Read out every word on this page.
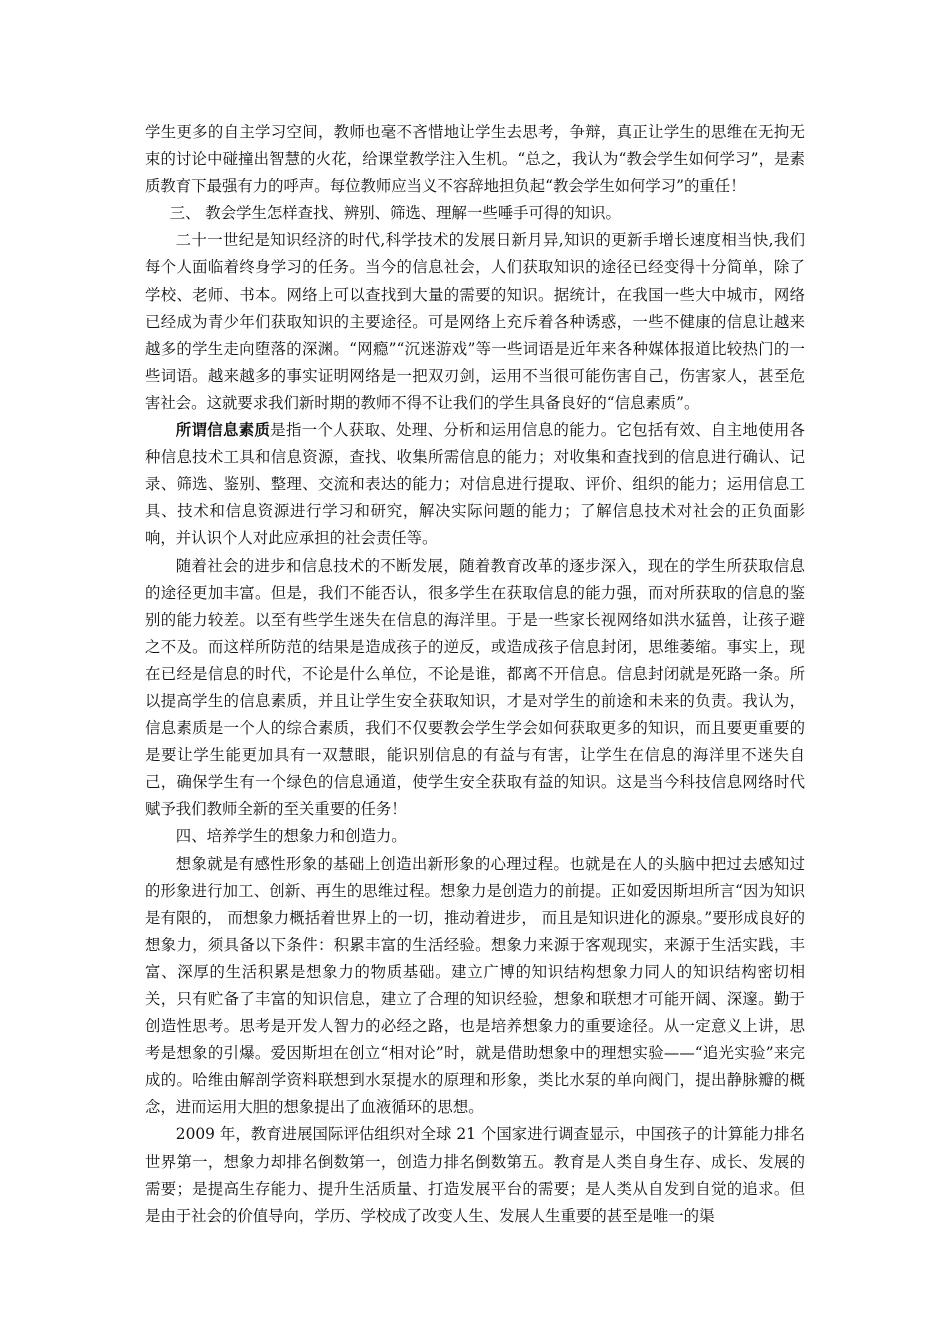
学生更多的自主学习空间，教师也毫不吝惜地让学生去思考，争辩，真正让学生的思维在无拘无束的讨论中碰撞出智慧的火花，给课堂教学注入生机。“总之，我认为“教会学生如何学习”，是素质教育下最强有力的呼声。每位教师应当义不容辞地担负起“教会学生如何学习”的重任！

三、 教会学生怎样查找、辨别、筛选、理解一些唾手可得的知识。

二十一世纪是知识经济的时代,科学技术的发展日新月异,知识的更新手增长速度相当快,我们每个人面临着终身学习的任务。当今的信息社会，人们获取知识的途径已经变得十分简单，除了学校、老师、书本。网络上可以查找到大量的需要的知识。据统计，在我国一些大中城市，网络已经成为青少年们获取知识的主要途径。可是网络上充斥着各种诱惑，一些不健康的信息让越来越多的学生走向堕落的深渊。“网瘾”“沉迷游戏”等一些词语是近年来各种媒体报道比较热门的一些词语。越来越多的事实证明网络是一把双刃剑，运用不当很可能伤害自己，伤害家人，甚至危害社会。这就要求我们新时期的教师不得不让我们的学生具备良好的“信息素质”。

所谓信息素质是指一个人获取、处理、分析和运用信息的能力。它包括有效、自主地使用各种信息技术工具和信息资源，查找、收集所需信息的能力；对收集和查找到的信息进行确认、记录、筛选、鉴别、整理、交流和表达的能力；对信息进行提取、评价、组织的能力；运用信息工具、技术和信息资源进行学习和研究，解决实际问题的能力；了解信息技术对社会的正负面影响，并认识个人对此应承担的社会责任等。

随着社会的进步和信息技术的不断发展，随着教育改革的逐步深入，现在的学生所获取信息的途径更加丰富。但是，我们不能否认，很多学生在获取信息的能力强，而对所获取的信息的鉴别的能力较差。以至有些学生迷失在信息的海洋里。于是一些家长视网络如洪水猛兽，让孩子避之不及。而这样所防范的结果是造成孩子的逆反，或造成孩子信息封闭，思维萎缩。事实上，现在已经是信息的时代，不论是什么单位，不论是谁，都离不开信息。信息封闭就是死路一条。所以提高学生的信息素质，并且让学生安全获取知识，才是对学生的前途和未来的负责。我认为，信息素质是一个人的综合素质，我们不仅要教会学生学会如何获取更多的知识，而且要更重要的是要让学生能更加具有一双慧眼，能识别信息的有益与有害，让学生在信息的海洋里不迷失自己，确保学生有一个绿色的信息通道，使学生安全获取有益的知识。这是当今科技信息网络时代赋予我们教师全新的至关重要的任务！

四、培养学生的想象力和创造力。

想象就是有感性形象的基础上创造出新形象的心理过程。也就是在人的头脑中把过去感知过的形象进行加工、创新、再生的思维过程。想象力是创造力的前提。正如爱因斯坦所言“因为知识是有限的， 而想象力概括着世界上的一切，推动着进步， 而且是知识进化的源泉。”要形成良好的想象力，须具备以下条件：积累丰富的生活经验。想象力来源于客观现实，来源于生活实践，丰富、深厚的生活积累是想象力的物质基础。建立广博的知识结构想象力同人的知识结构密切相关，只有贮备了丰富的知识信息，建立了合理的知识经验，想象和联想才可能开阔、深邃。勤于创造性思考。思考是开发人智力的必经之路，也是培养想象力的重要途径。从一定意义上讲，思考是想象的引爆。爱因斯坦在创立“相对论”时，就是借助想象中的理想实验——“追光实验”来完成的。哈维由解剖学资料联想到水泵提水的原理和形象，类比水泵的单向阀门，提出静脉瓣的概念，进而运用大胆的想象提出了血液循环的思想。

2009 年，教育进展国际评估组织对全球 21 个国家进行调查显示，中国孩子的计算能力排名世界第一，想象力却排名倒数第一，创造力排名倒数第五。教育是人类自身生存、成长、发展的需要；是提高生存能力、提升生活质量、打造发展平台的需要；是人类从自发到自觉的追求。但是由于社会的价值导向，学历、学校成了改变人生、发展人生重要的甚至是唯一的渠
